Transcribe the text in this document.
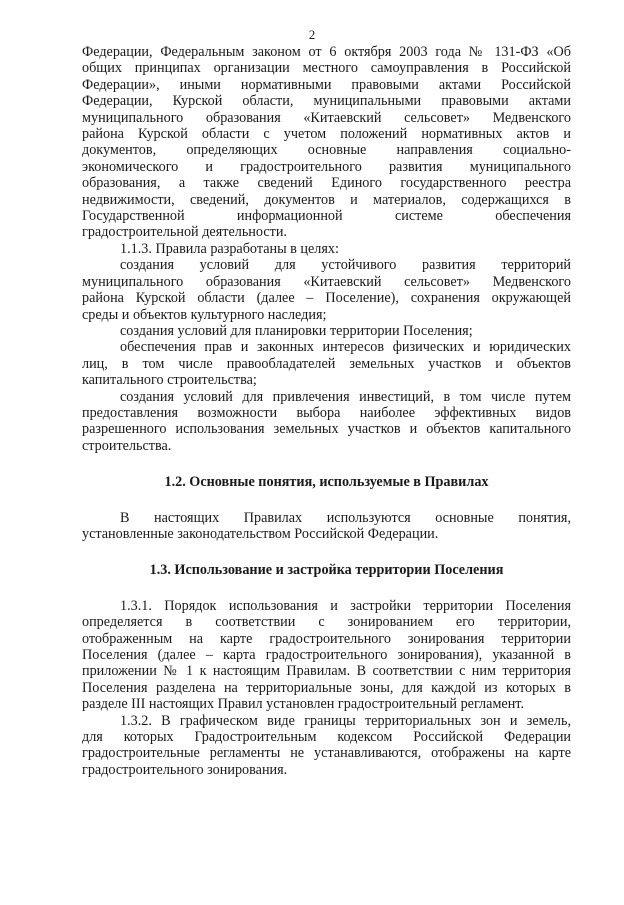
2

Федерации, Федеральным законом от 6 октября 2003 года № 131-ФЗ «Об

общих принципах организации местного самоуправления в Российской

Федерации», иными нормативными правовыми актами Российской

Федерации, Курской области, муниципальными правовыми актами

муниципального образования «Китаевский сельсовет» Медвенского

района Курской области с учетом положений нормативных актов и

документов, определяющих основные направления социально-

экономического и градостроительного развития муниципального

образования, а также сведений Единого государственного реестра

недвижимости, сведений, документов и материалов, содержащихся в

Государственной информационной системе обеспечения

градостроительной деятельности.

1.1.3. Правила разработаны в целях:

создания условий для устойчивого развития территорий

муниципального образования «Китаевский сельсовет» Медвенского

района Курской области (далее – Поселение), сохранения окружающей

среды и объектов культурного наследия;

создания условий для планировки территории Поселения;

обеспечения прав и законных интересов физических и юридических

лиц, в том числе правообладателей земельных участков и объектов

капитального строительства;

создания условий для привлечения инвестиций, в том числе путем

предоставления возможности выбора наиболее эффективных видов

разрешенного использования земельных участков и объектов капитального

строительства.

1.2. Основные понятия, используемые в Правилах

В настоящих Правилах используются основные понятия,

установленные законодательством Российской Федерации.

1.3. Использование и застройка территории Поселения

1.3.1. Порядок использования и застройки территории Поселения

определяется в соответствии с зонированием его территории,

отображенным на карте градостроительного зонирования территории

Поселения (далее – карта градостроительного зонирования), указанной в

приложении № 1 к настоящим Правилам. В соответствии с ним территория

Поселения разделена на территориальные зоны, для каждой из которых в

разделе III настоящих Правил установлен градостроительный регламент.

1.3.2. В графическом виде границы территориальных зон и земель,

для которых Градостроительным кодексом Российской Федерации

градостроительные регламенты не устанавливаются, отображены на карте

градостроительного зонирования.
